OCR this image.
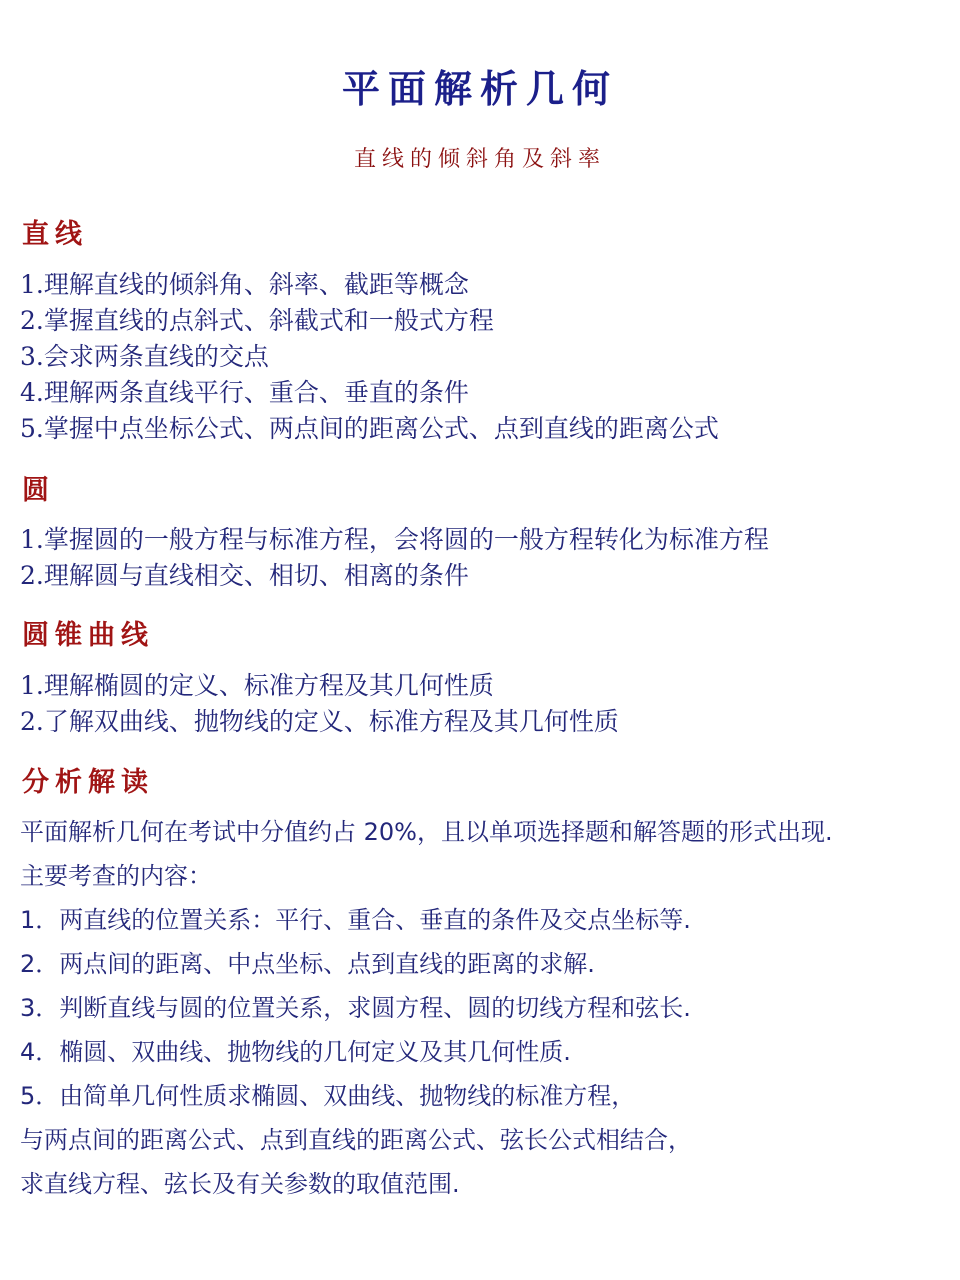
平面解析几何
直线的倾斜角及斜率
直线
1.理解直线的倾斜角、斜率、截距等概念
2.掌握直线的点斜式、斜截式和一般式方程
3.会求两条直线的交点
4.理解两条直线平行、重合、垂直的条件
5.掌握中点坐标公式、两点间的距离公式、点到直线的距离公式
圆
1.掌握圆的一般方程与标准方程，会将圆的一般方程转化为标准方程
2.理解圆与直线相交、相切、相离的条件
圆锥曲线
1.理解椭圆的定义、标准方程及其几何性质
2.了解双曲线、抛物线的定义、标准方程及其几何性质
分析解读
平面解析几何在考试中分值约占 20%，且以单项选择题和解答题的形式出现.
主要考查的内容：
1．两直线的位置关系：平行、重合、垂直的条件及交点坐标等.
2．两点间的距离、中点坐标、点到直线的距离的求解.
3．判断直线与圆的位置关系，求圆方程、圆的切线方程和弦长.
4．椭圆、双曲线、抛物线的几何定义及其几何性质.
5．由简单几何性质求椭圆、双曲线、抛物线的标准方程，
与两点间的距离公式、点到直线的距离公式、弦长公式相结合，
求直线方程、弦长及有关参数的取值范围.
